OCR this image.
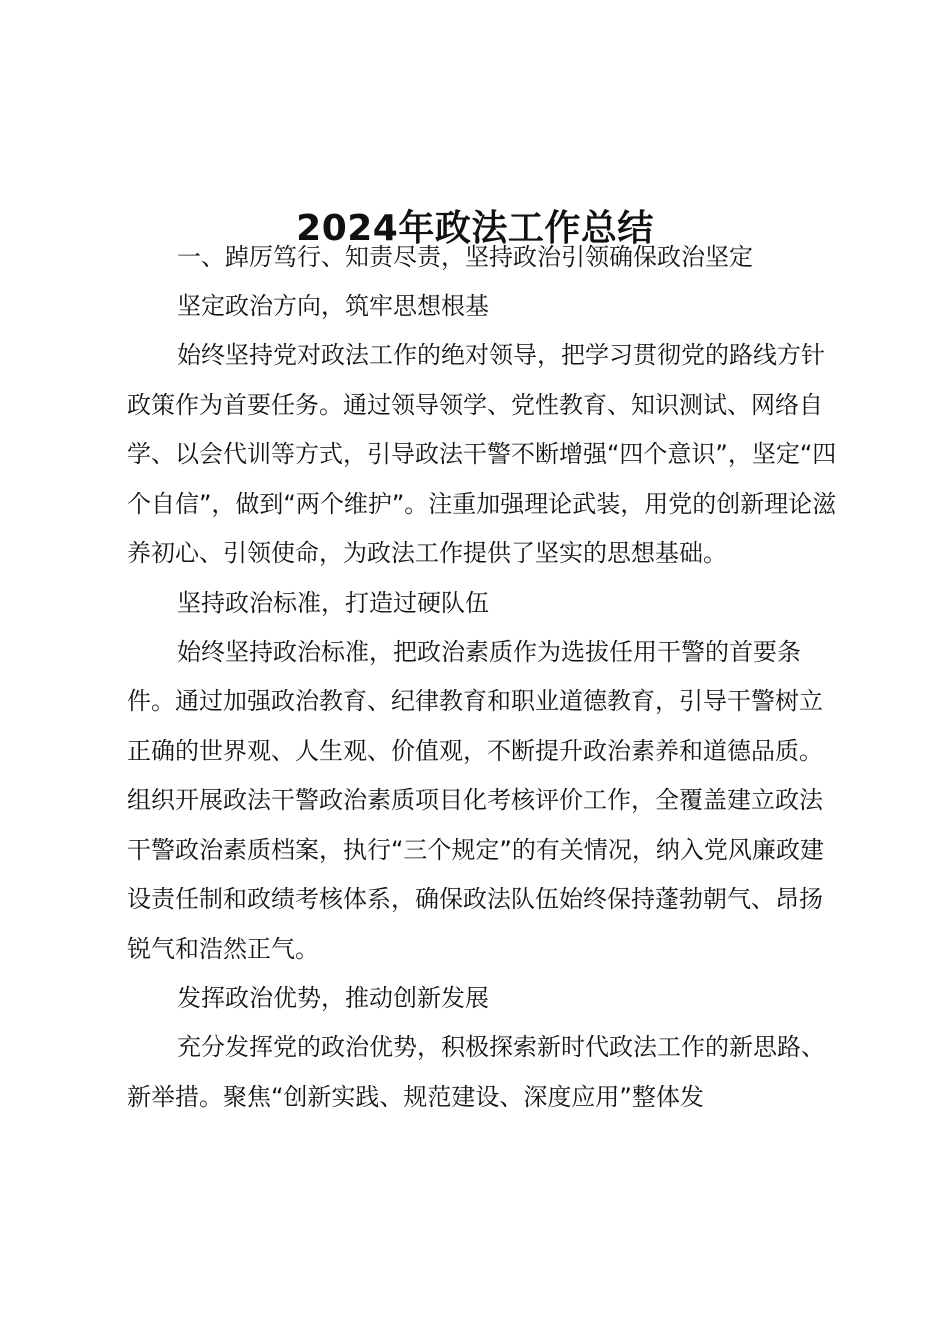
2024年政法工作总结

一、踔厉笃行、知责尽责，坚持政治引领确保政治坚定

坚定政治方向，筑牢思想根基

始终坚持党对政法工作的绝对领导，把学习贯彻党的路线方针政策作为首要任务。通过领导领学、党性教育、知识测试、网络自学、以会代训等方式，引导政法干警不断增强“四个意识”，坚定“四个自信”，做到“两个维护”。注重加强理论武装，用党的创新理论滋养初心、引领使命，为政法工作提供了坚实的思想基础。

坚持政治标准，打造过硬队伍

始终坚持政治标准，把政治素质作为选拔任用干警的首要条件。通过加强政治教育、纪律教育和职业道德教育，引导干警树立正确的世界观、人生观、价值观，不断提升政治素养和道德品质。组织开展政法干警政治素质项目化考核评价工作，全覆盖建立政法干警政治素质档案，执行“三个规定”的有关情况，纳入党风廉政建设责任制和政绩考核体系，确保政法队伍始终保持蓬勃朝气、昂扬锐气和浩然正气。

发挥政治优势，推动创新发展

充分发挥党的政治优势，积极探索新时代政法工作的新思路、新举措。聚焦“创新实践、规范建设、深度应用”整体发
